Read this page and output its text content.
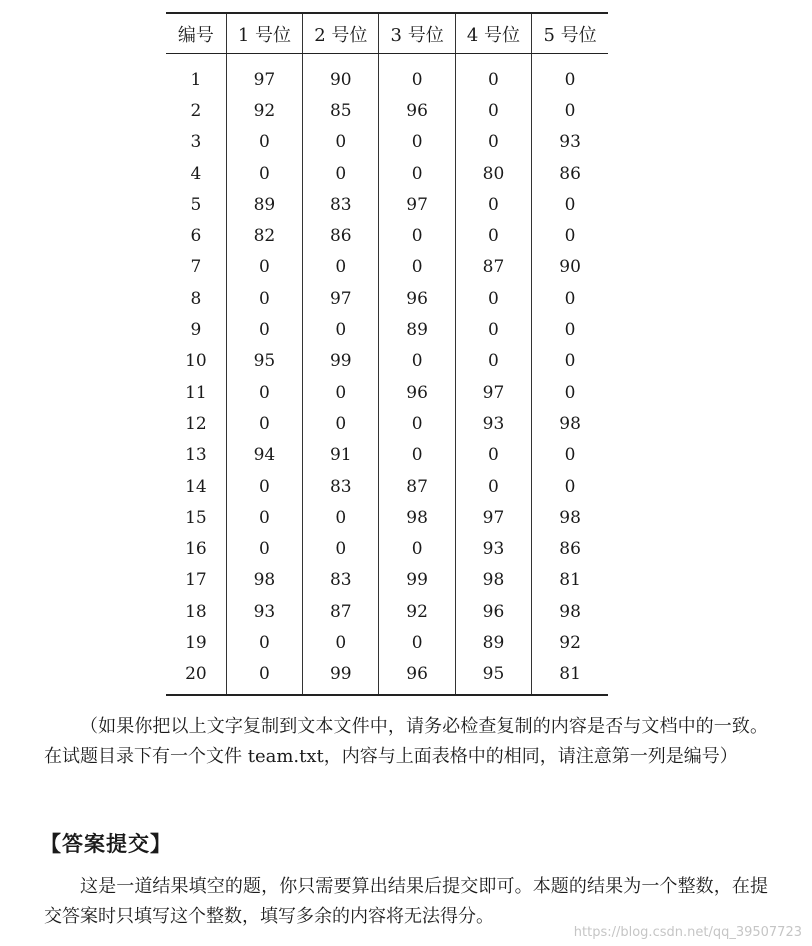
编号	1 号位	2 号位	3 号位	4 号位	5 号位
1	97	90	0	0	0
2	92	85	96	0	0
3	0	0	0	0	93
4	0	0	0	80	86
5	89	83	97	0	0
6	82	86	0	0	0
7	0	0	0	87	90
8	0	97	96	0	0
9	0	0	89	0	0
10	95	99	0	0	0
11	0	0	96	97	0
12	0	0	0	93	98
13	94	91	0	0	0
14	0	83	87	0	0
15	0	0	98	97	98
16	0	0	0	93	86
17	98	83	99	98	81
18	93	87	92	96	98
19	0	0	0	89	92
20	0	99	96	95	81

（如果你把以上文字复制到文本文件中，请务必检查复制的内容是否与文档中的一致。在试题目录下有一个文件 team.txt，内容与上面表格中的相同，请注意第一列是编号）

【答案提交】

这是一道结果填空的题，你只需要算出结果后提交即可。本题的结果为一个整数，在提交答案时只填写这个整数，填写多余的内容将无法得分。

https://blog.csdn.net/qq_39507723
